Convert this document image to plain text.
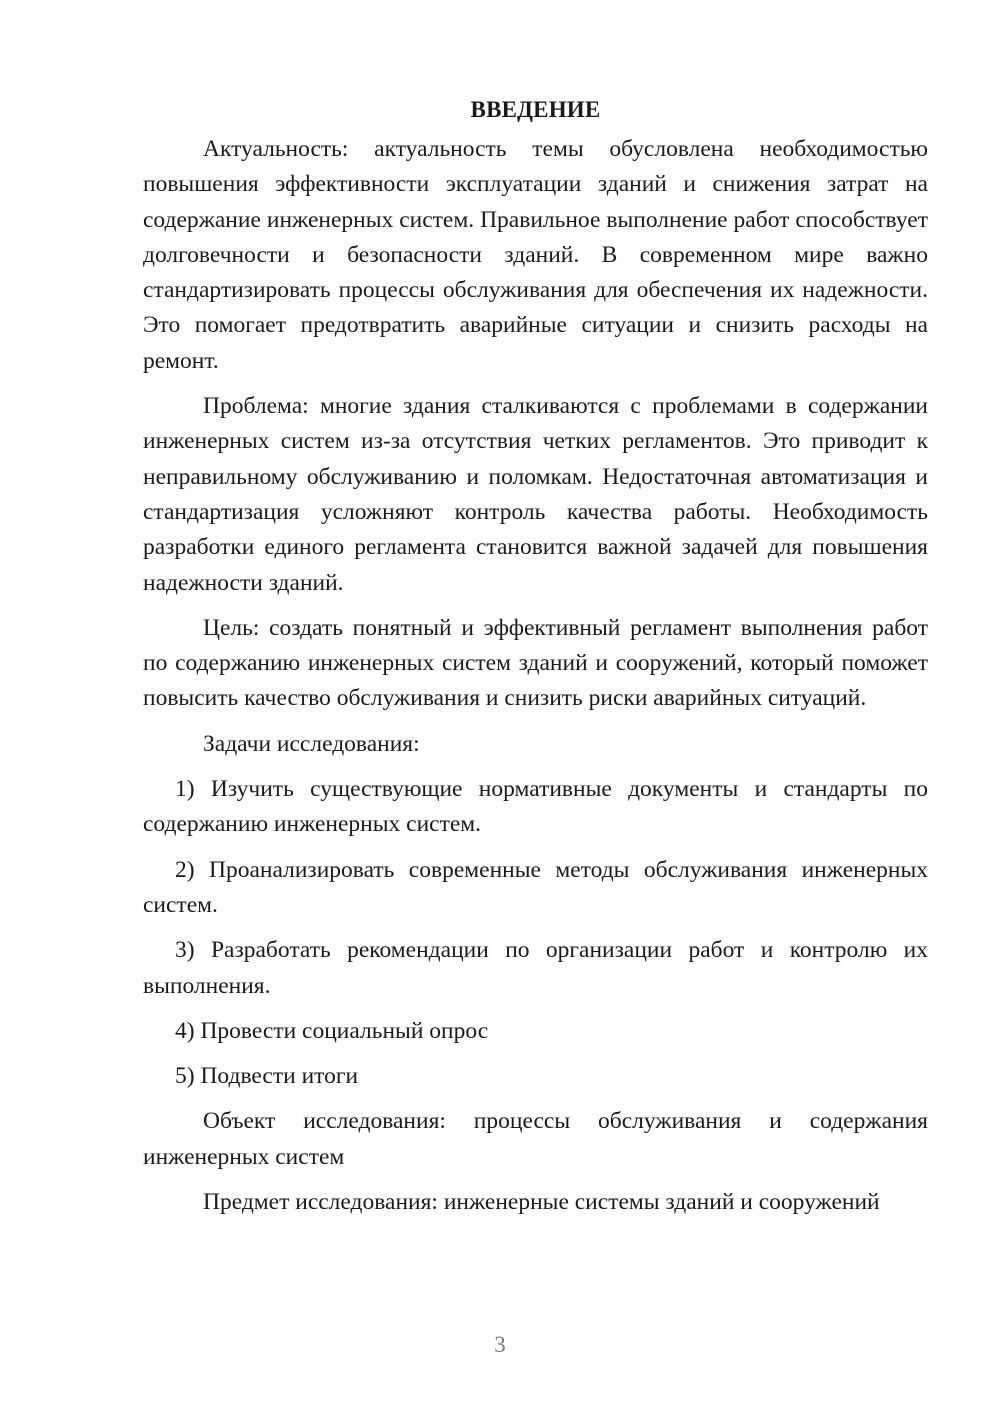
ВВЕДЕНИЕ

Актуальность: актуальность темы обусловлена необходимостью повышения эффективности эксплуатации зданий и снижения затрат на содержание инженерных систем. Правильное выполнение работ способствует долговечности и безопасности зданий. В современном мире важно стандартизировать процессы обслуживания для обеспечения их надежности. Это помогает предотвратить аварийные ситуации и снизить расходы на ремонт.

Проблема: многие здания сталкиваются с проблемами в содержании инженерных систем из-за отсутствия четких регламентов. Это приводит к неправильному обслуживанию и поломкам. Недостаточная автоматизация и стандартизация усложняют контроль качества работы. Необходимость разработки единого регламента становится важной задачей для повышения надежности зданий.

Цель: создать понятный и эффективный регламент выполнения работ по содержанию инженерных систем зданий и сооружений, который поможет повысить качество обслуживания и снизить риски аварийных ситуаций.

Задачи исследования:

1) Изучить существующие нормативные документы и стандарты по содержанию инженерных систем.

2) Проанализировать современные методы обслуживания инженерных систем.

3) Разработать рекомендации по организации работ и контролю их выполнения.

4) Провести социальный опрос

5) Подвести итоги

Объект исследования: процессы обслуживания и содержания инженерных систем

Предмет исследования: инженерные системы зданий и сооружений

3
